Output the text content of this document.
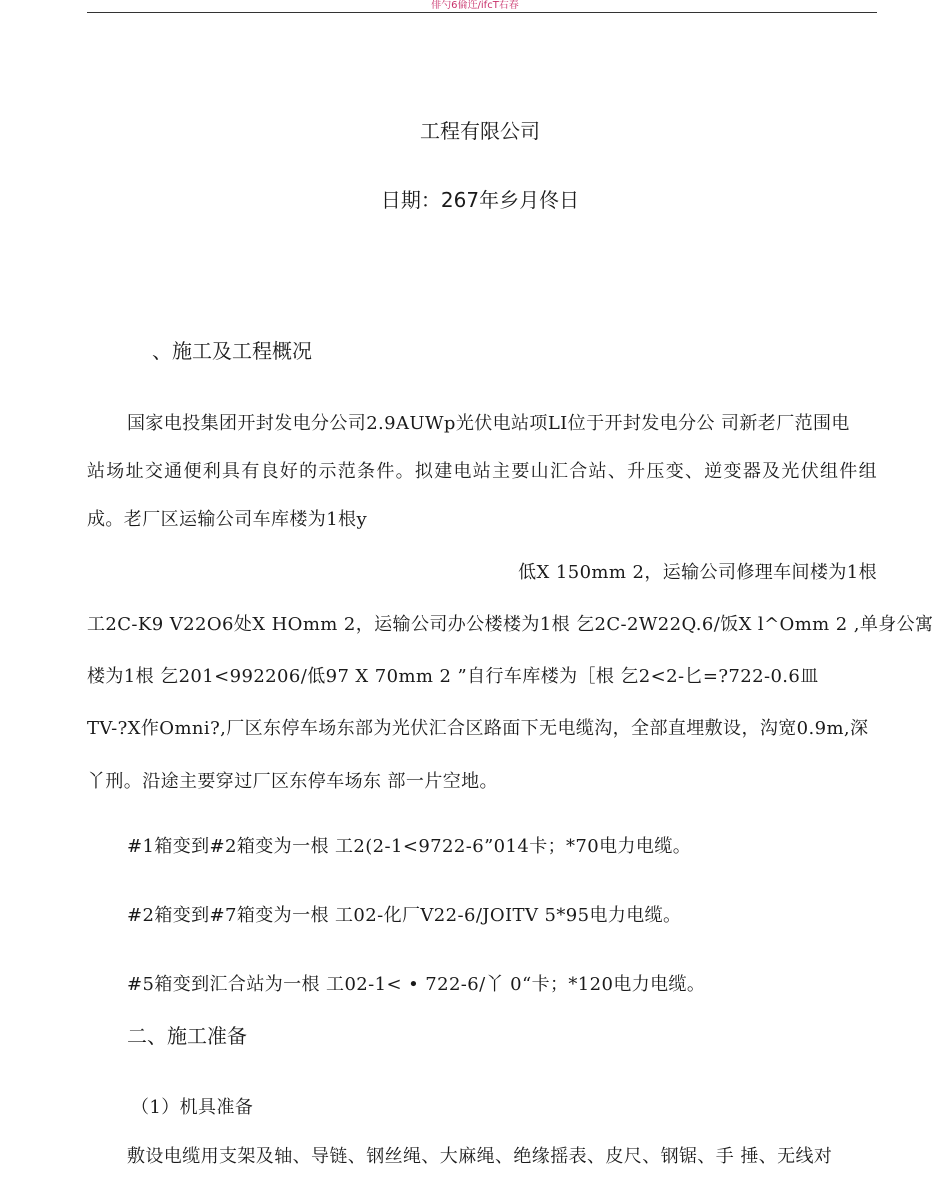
俳勺6倫迕/ifcT右春
工程有限公司
日期：267年乡月佟日
、施工及工程概况
国家电投集团开封发电分公司2.9AUWp光伏电站项LI位于开封发电分公 司新老厂范围电
站场址交通便利具有良好的示范条件。拟建电站主要山汇合站、升压变、逆变器及光伏组件组
成。老厂区运输公司车库楼为1根y
低X 150mm 2，运输公司修理车间楼为1根
工2C-K9 V22O6处X HOmm 2，运输公司办公楼楼为1根 乞2C-2W22Q.6/饭X l^Omm 2 ,单身公寓
楼为1根 乞201<992206/低97 X 70mm 2 ”自行车库楼为［根 乞2<2-匕=?722-0.6皿
TV-?X作Omni?,厂区东停车场东部为光伏汇合区路面下无电缆沟，全部直埋敷设，沟宽0.9m,深
丫刑。沿途主要穿过厂区东停车场东 部一片空地。
#1箱变到#2箱变为一根 工2(2-1<9722-6”014卡；*70电力电缆。
#2箱变到#7箱变为一根 工02-化厂V22-6/JOITV 5*95电力电缆。
#5箱变到汇合站为一根 工02-1< • 722-6/丫 0“卡；*120电力电缆。
二、施工准备
（1）机具准备
敷设电缆用支架及轴、导链、钢丝绳、大麻绳、绝缘摇表、皮尺、钢锯、手 捶、无线对
